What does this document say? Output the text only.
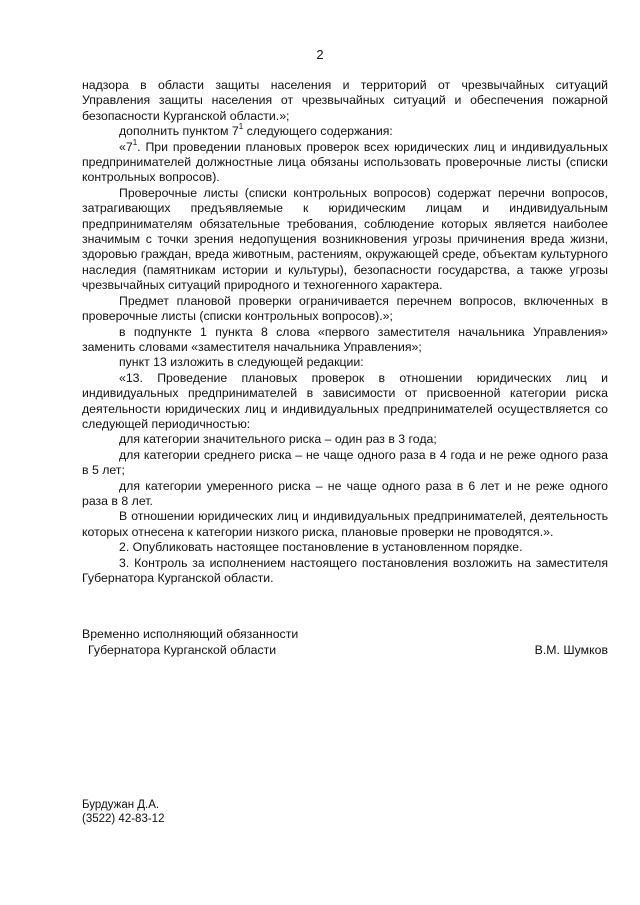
2

надзора в области защиты населения и территорий от чрезвычайных ситуаций Управления защиты населения от чрезвычайных ситуаций и обеспечения пожарной безопасности Курганской области.»;

дополнить пунктом $7^1$ следующего содержания:

«$7^1$. При проведении плановых проверок всех юридических лиц и индивидуальных предпринимателей должностные лица обязаны использовать проверочные листы (списки контрольных вопросов).

Проверочные листы (списки контрольных вопросов) содержат перечни вопросов, затрагивающих предъявляемые к юридическим лицам и индивидуальным предпринимателям обязательные требования, соблюдение которых является наиболее значимым с точки зрения недопущения возникновения угрозы причинения вреда жизни, здоровью граждан, вреда животным, растениям, окружающей среде, объектам культурного наследия (памятникам истории и культуры), безопасности государства, а также угрозы чрезвычайных ситуаций природного и техногенного характера.

Предмет плановой проверки ограничивается перечнем вопросов, включенных в проверочные листы (списки контрольных вопросов).»;

в подпункте 1 пункта 8 слова «первого заместителя начальника Управления» заменить словами «заместителя начальника Управления»;

пункт 13 изложить в следующей редакции:

«13. Проведение плановых проверок в отношении юридических лиц и индивидуальных предпринимателей в зависимости от присвоенной категории риска деятельности юридических лиц и индивидуальных предпринимателей осуществляется со следующей периодичностью:

для категории значительного риска – один раз в 3 года;

для категории среднего риска – не чаще одного раза в 4 года и не реже одного раза в 5 лет;

для категории умеренного риска – не чаще одного раза в 6 лет и не реже одного раза в 8 лет.

В отношении юридических лиц и индивидуальных предпринимателей, деятельность которых отнесена к категории низкого риска, плановые проверки не проводятся.».

2. Опубликовать настоящее постановление в установленном порядке.

3. Контроль за исполнением настоящего постановления возложить на заместителя Губернатора Курганской области.

Временно исполняющий обязанности
Губернатора Курганской области	В.М. Шумков
Бурдужан Д.А.
(3522) 42-83-12
